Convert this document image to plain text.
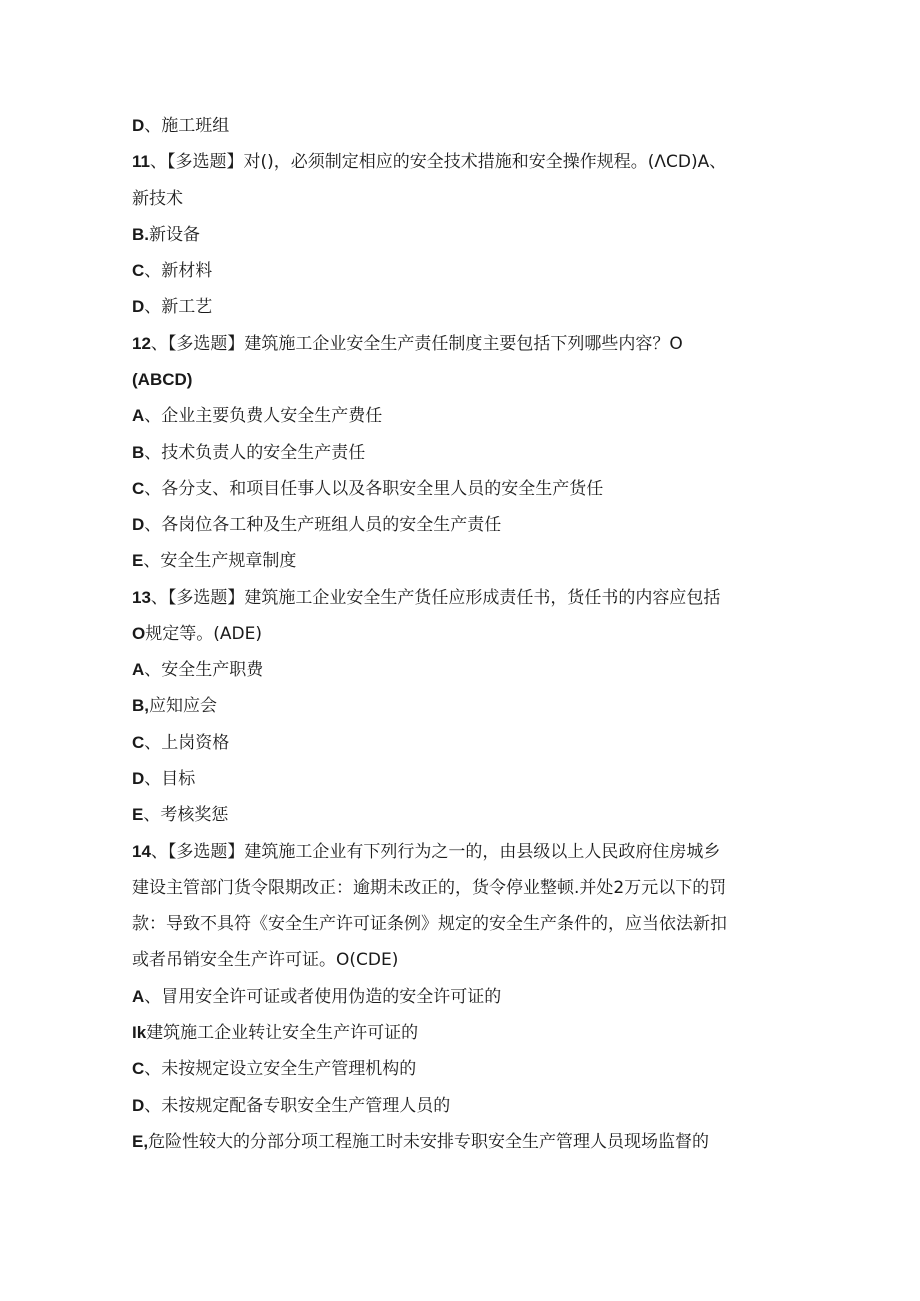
D、施工班组
11、【多选题】对()，必须制定相应的安全技术措施和安全操作规程。(ΛCD)A、
新技术
B.新设备
C、新材料
D、新工艺
12、【多选题】建筑施工企业安全生产责任制度主要包括下列哪些内容？O
(ABCD)
A、企业主要负费人安全生产费任
B、技术负责人的安全生产责任
C、各分支、和项目任事人以及各职安全里人员的安全生产货任
D、各岗位各工种及生产班组人员的安全生产责任
E、安全生产规章制度
13、【多选题】建筑施工企业安全生产货任应形成责任书，货任书的内容应包括
O规定等。(ADE)
A、安全生产职费
B,应知应会
C、上岗资格
D、目标
E、考核奖惩
14、【多选题】建筑施工企业有下列行为之一的，由县级以上人民政府住房城乡
建设主管部门货令限期改正：逾期未改正的，货令停业整顿.并处2万元以下的罚
款：导致不具符《安全生产许可证条例》规定的安全生产条件的，应当依法新扣
或者吊销安全生产许可证。O(CDE)
A、冒用安全许可证或者使用伪造的安全许可证的
Ik建筑施工企业转让安全生产许可证的
C、未按规定设立安全生产管理机构的
D、未按规定配备专职安全生产管理人员的
E,危险性较大的分部分项工程施工时未安排专职安全生产管理人员现场监督的
